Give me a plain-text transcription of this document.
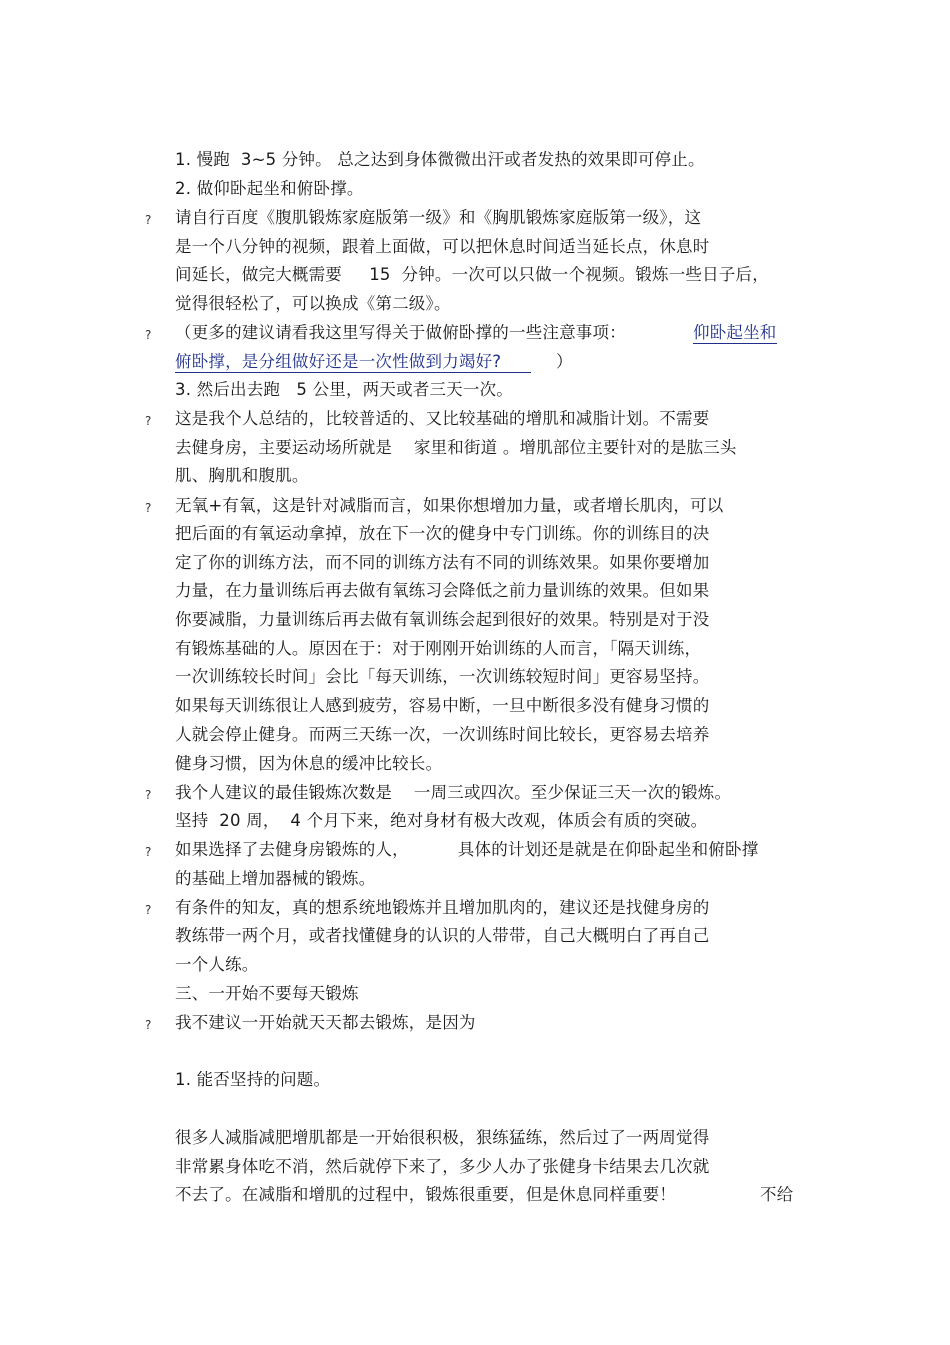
1. 慢跑  3~5 分钟。 总之达到身体微微出汗或者发热的效果即可停止。
2. 做仰卧起坐和俯卧撑。
? 请自行百度《腹肌锻炼家庭版第一级》和《胸肌锻炼家庭版第一级》，这
是一个八分钟的视频，跟着上面做，可以把休息时间适当延长点，休息时
间延长，做完大概需要     15  分钟。一次可以只做一个视频。锻炼一些日子后，
觉得很轻松了，可以换成《第二级》。
? （更多的建议请看我这里写得关于做俯卧撑的一些注意事项：	仰卧起坐和
俯卧撑，是分组做好还是一次性做到力竭好?	）
3. 然后出去跑   5 公里，两天或者三天一次。
? 这是我个人总结的，比较普适的、又比较基础的增肌和减脂计划。不需要
去健身房，主要运动场所就是    家里和街道 。增肌部位主要针对的是肱三头
肌、胸肌和腹肌。
? 无氧+有氧，这是针对减脂而言，如果你想增加力量，或者增长肌肉，可以
把后面的有氧运动拿掉，放在下一次的健身中专门训练。你的训练目的决
定了你的训练方法，而不同的训练方法有不同的训练效果。如果你要增加
力量，在力量训练后再去做有氧练习会降低之前力量训练的效果。但如果
你要减脂，力量训练后再去做有氧训练会起到很好的效果。特别是对于没
有锻炼基础的人。原因在于：对于刚刚开始训练的人而言，「隔天训练，
一次训练较长时间」会比「每天训练，一次训练较短时间」更容易坚持。
如果每天训练很让人感到疲劳，容易中断，一旦中断很多没有健身习惯的
人就会停止健身。而两三天练一次，一次训练时间比较长，更容易去培养
健身习惯，因为休息的缓冲比较长。
? 我个人建议的最佳锻炼次数是    一周三或四次。至少保证三天一次的锻炼。
坚持  20 周，  4 个月下来，绝对身材有极大改观，体质会有质的突破。
? 如果选择了去健身房锻炼的人，         具体的计划还是就是在仰卧起坐和俯卧撑
的基础上增加器械的锻炼。
? 有条件的知友，真的想系统地锻炼并且增加肌肉的，建议还是找健身房的
教练带一两个月，或者找懂健身的认识的人带带，自己大概明白了再自己
一个人练。
三、一开始不要每天锻炼
? 我不建议一开始就天天都去锻炼，是因为
1. 能否坚持的问题。
很多人减脂减肥增肌都是一开始很积极，狠练猛练，然后过了一两周觉得
非常累身体吃不消，然后就停下来了，多少人办了张健身卡结果去几次就
不去了。在减脂和增肌的过程中，锻炼很重要，但是休息同样重要！	不给
